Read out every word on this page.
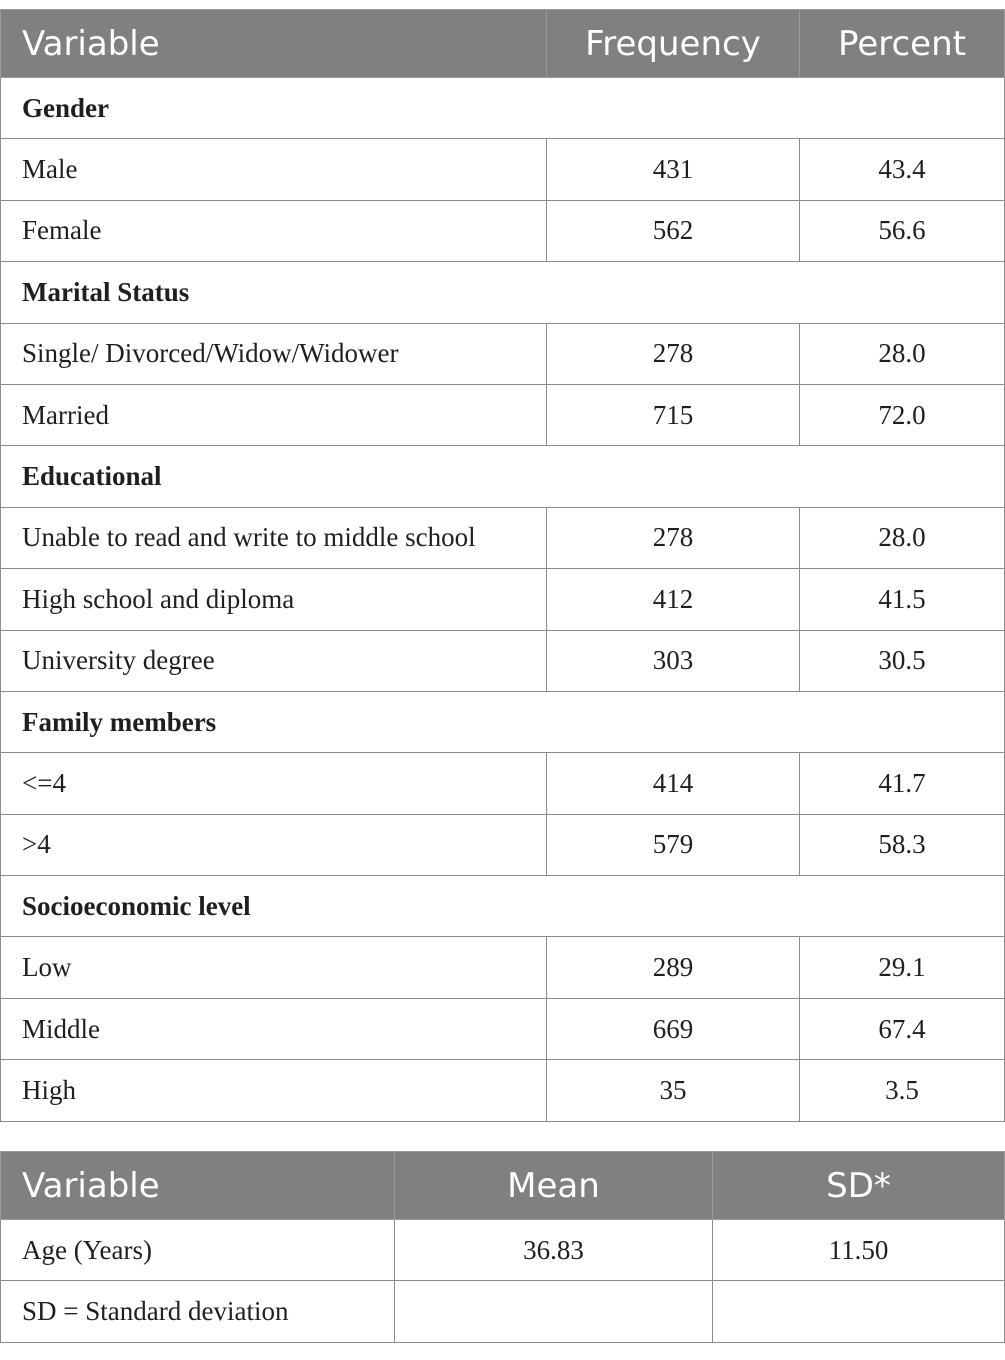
Variable	Frequency	Percent
Gender		
Male	431	43.4
Female	562	56.6
Marital Status		
Single/ Divorced/Widow/Widower	278	28.0
Married	715	72.0
Educational		
Unable to read and write to middle school	278	28.0
High school and diploma	412	41.5
University degree	303	30.5
Family members		
<=4	414	41.7
>4	579	58.3
Socioeconomic level		
Low	289	29.1
Middle	669	67.4
High	35	3.5
Variable	Mean	SD*
Age (Years)	36.83	11.50
SD = Standard deviation		
